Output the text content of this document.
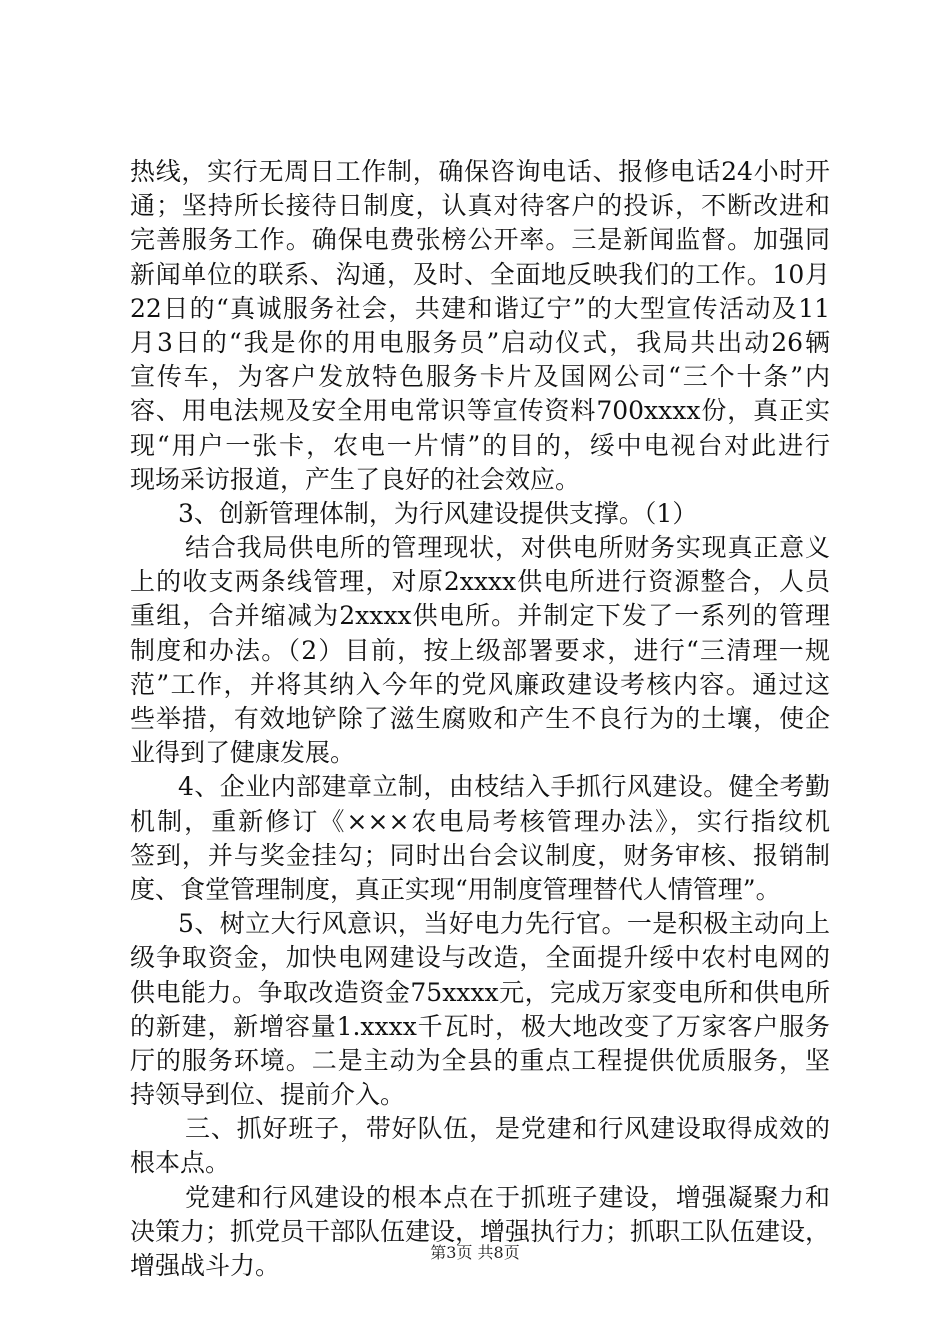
热线，实行无周日工作制，确保咨询电话、报修电话24小时开
通；坚持所长接待日制度，认真对待客户的投诉，不断改进和
完善服务工作。确保电费张榜公开率。三是新闻监督。加强同
新闻单位的联系、沟通，及时、全面地反映我们的工作。10月
22日的“真诚服务社会，共建和谐辽宁”的大型宣传活动及11
月3日的“我是你的用电服务员”启动仪式，我局共出动26辆
宣传车，为客户发放特色服务卡片及国网公司“三个十条”内
容、用电法规及安全用电常识等宣传资料700xxxx份，真正实
现“用户一张卡，农电一片情”的目的，绥中电视台对此进行
现场采访报道，产生了良好的社会效应。
3、创新管理体制，为行风建设提供支撑。（1）
结合我局供电所的管理现状，对供电所财务实现真正意义
上的收支两条线管理，对原2xxxx供电所进行资源整合，人员
重组，合并缩减为2xxxx供电所。并制定下发了一系列的管理
制度和办法。（2）目前，按上级部署要求，进行“三清理一规
范”工作，并将其纳入今年的党风廉政建设考核内容。通过这
些举措，有效地铲除了滋生腐败和产生不良行为的土壤，使企
业得到了健康发展。
4、企业内部建章立制，由枝结入手抓行风建设。健全考勤
机制，重新修订《×××农电局考核管理办法》，实行指纹机
签到，并与奖金挂勾；同时出台会议制度，财务审核、报销制
度、食堂管理制度，真正实现“用制度管理替代人情管理”。
5、树立大行风意识，当好电力先行官。一是积极主动向上
级争取资金，加快电网建设与改造，全面提升绥中农村电网的
供电能力。争取改造资金75xxxx元，完成万家变电所和供电所
的新建，新增容量1.xxxx千瓦时，极大地改变了万家客户服务
厅的服务环境。二是主动为全县的重点工程提供优质服务，坚
持领导到位、提前介入。
三、抓好班子，带好队伍，是党建和行风建设取得成效的
根本点。
党建和行风建设的根本点在于抓班子建设，增强凝聚力和
决策力；抓党员干部队伍建设，增强执行力；抓职工队伍建设，
增强战斗力。	第3页 共8页
